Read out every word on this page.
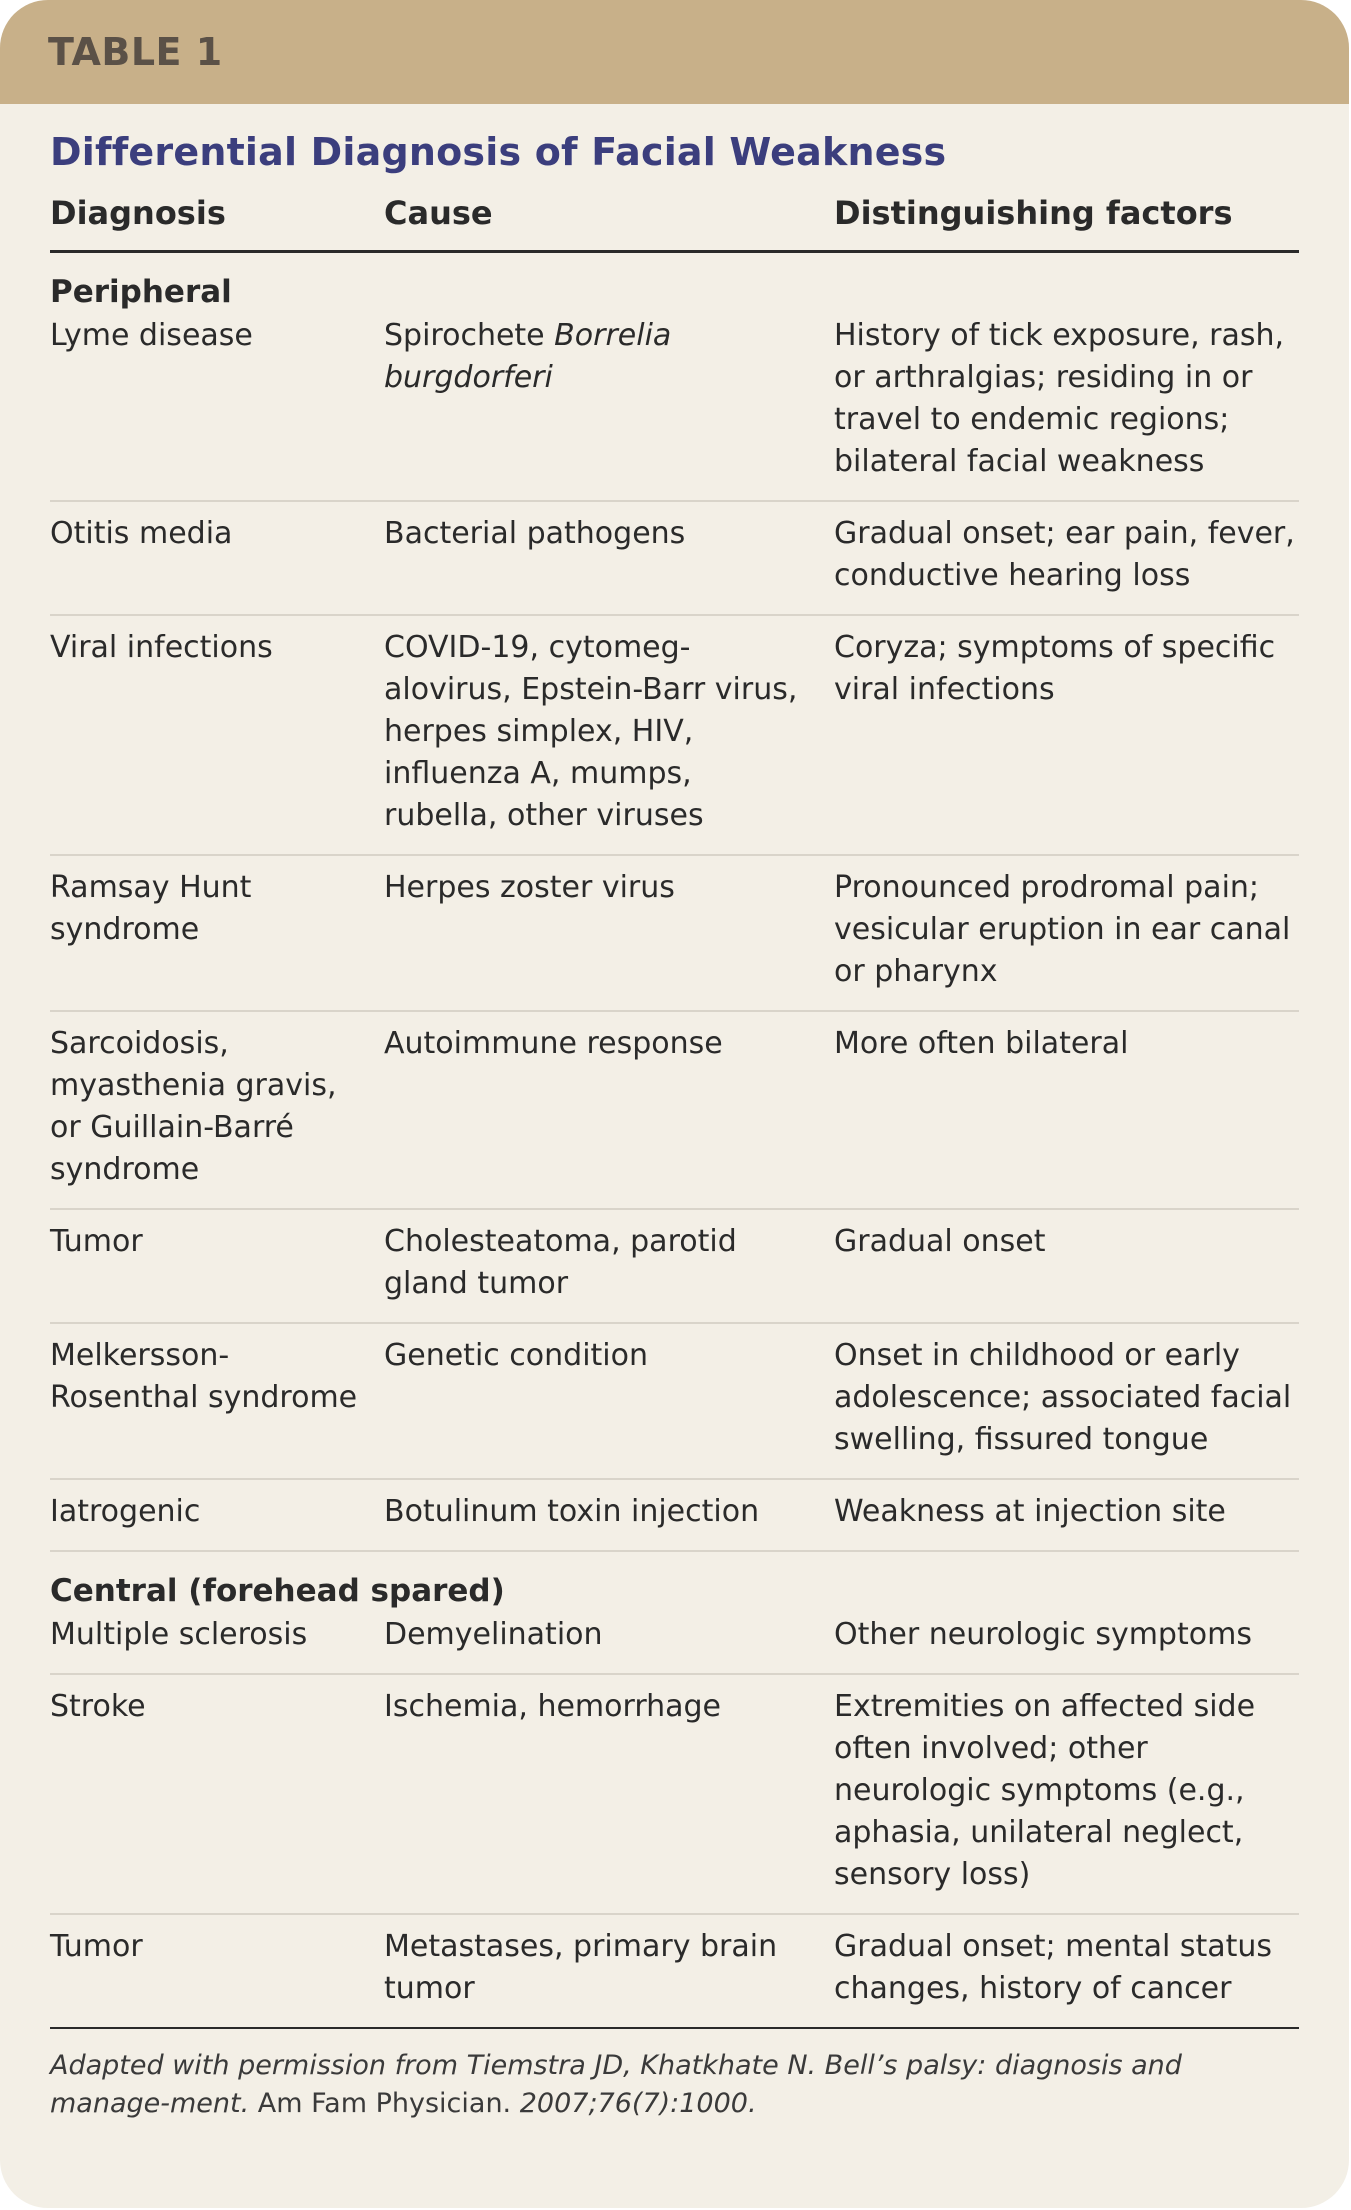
TABLE 1
Differential Diagnosis of Facial Weakness
Diagnosis	Cause	Distinguishing factors
Peripheral		
Lyme disease	Spirochete Borrelia burgdorferi	History of tick exposure, rash, or arthralgias; residing in or travel to endemic regions; bilateral facial weakness
Otitis media	Bacterial pathogens	Gradual onset; ear pain, fever, conductive hearing loss
Viral infections	COVID-19, cytomeg-alovirus, Epstein-Barr virus, herpes simplex, HIV, influenza A, mumps, rubella, other viruses	Coryza; symptoms of specific viral infections
Ramsay Hunt syndrome	Herpes zoster virus	Pronounced prodromal pain; vesicular eruption in ear canal or pharynx
Sarcoidosis, myasthenia gravis, or Guillain-Barré syndrome	Autoimmune response	More often bilateral
Tumor	Cholesteatoma, parotid gland tumor	Gradual onset
Melkersson-Rosenthal syndrome	Genetic condition	Onset in childhood or early adolescence; associated facial swelling, fissured tongue
Iatrogenic	Botulinum toxin injection	Weakness at injection site
Central (forehead spared)		
Multiple sclerosis	Demyelination	Other neurologic symptoms
Stroke	Ischemia, hemorrhage	Extremities on affected side often involved; other neurologic symptoms (e.g., aphasia, unilateral neglect, sensory loss)
Tumor	Metastases, primary brain tumor	Gradual onset; mental status changes, history of cancer
Adapted with permission from Tiemstra JD, Khatkhate N. Bell’s palsy: diagnosis and manage-ment. Am Fam Physician. 2007;76(7):1000.
